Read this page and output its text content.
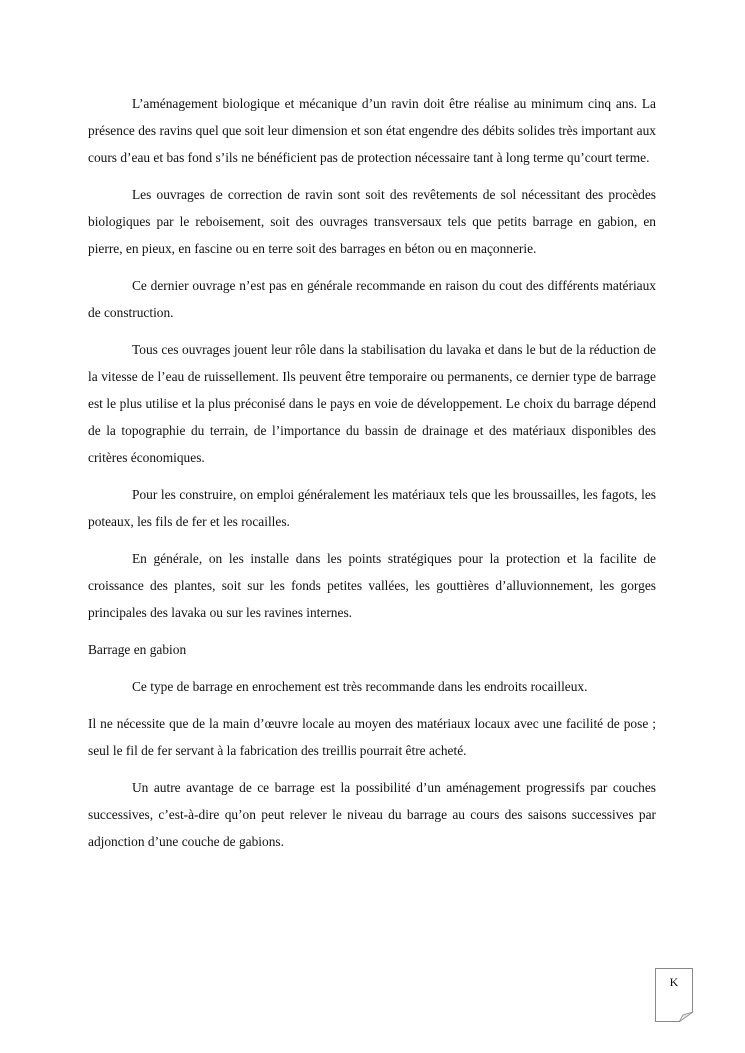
L’aménagement biologique et mécanique d’un ravin doit être réalise au minimum cinq ans. La présence des ravins quel que soit leur dimension et son état engendre des débits solides très important aux cours d’eau et bas fond s’ils ne bénéficient pas de protection nécessaire tant à long terme qu’court terme.

Les ouvrages de correction de ravin sont soit des revêtements de sol nécessitant des procèdes biologiques par le reboisement, soit des ouvrages transversaux tels que petits barrage en gabion, en pierre, en pieux, en fascine ou en terre soit des barrages en béton ou en maçonnerie.

Ce dernier ouvrage n’est pas en générale recommande en raison du cout des différents matériaux de construction.

Tous ces ouvrages jouent leur rôle dans la stabilisation du lavaka et dans le but de la réduction de la vitesse de l’eau de ruissellement. Ils peuvent être temporaire ou permanents, ce dernier type de barrage est le plus utilise et la plus préconisé dans le pays en voie de développement. Le choix du barrage dépend de la topographie du terrain, de l’importance du bassin de drainage et des matériaux disponibles des critères économiques.

Pour les construire, on emploi généralement les matériaux tels que les broussailles, les fagots, les poteaux, les fils de fer et les rocailles.

En générale, on les installe dans les points stratégiques pour la protection et la facilite de croissance des plantes, soit sur les fonds petites vallées, les gouttières d’alluvionnement, les gorges principales des lavaka ou sur les ravines internes.

Barrage en gabion

Ce type de barrage en enrochement est très recommande dans les endroits rocailleux.

Il ne nécessite que de la main d’œuvre locale au moyen des matériaux locaux avec une facilité de pose ; seul le fil de fer servant à la fabrication des treillis pourrait être acheté.

Un autre avantage de ce barrage est la possibilité d’un aménagement progressifs par couches successives, c’est-à-dire qu’on peut relever le niveau du barrage au cours des saisons successives par adjonction d’une couche de gabions.

K
